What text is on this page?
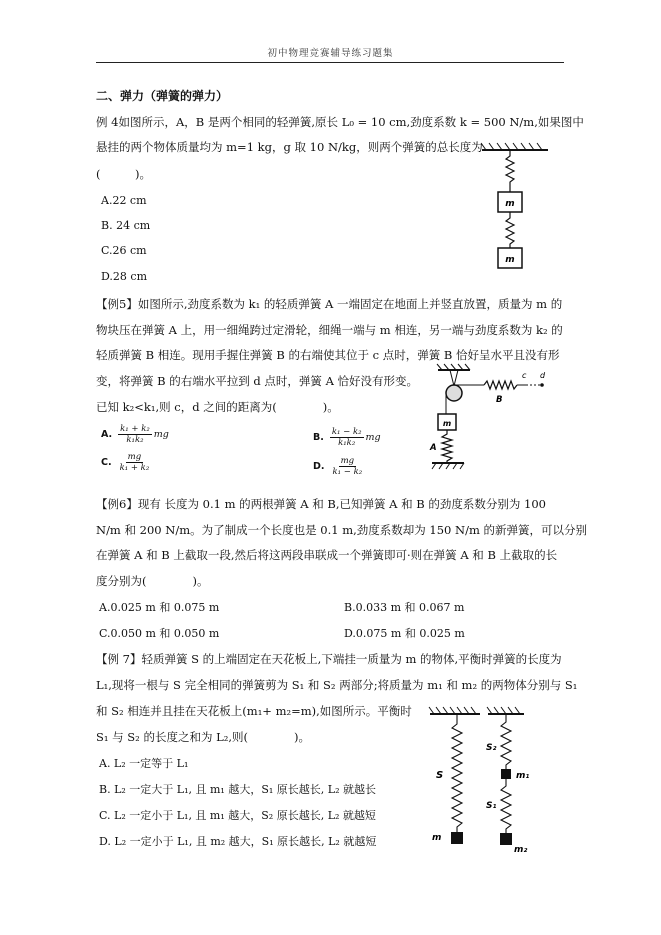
初中物理竞赛辅导练习题集
二、弹力（弹簧的弹力）
例 4如图所示，A，B 是两个相同的轻弹簧,原长 L₀ = 10 cm,劲度系数 k = 500 N/m,如果图中
悬挂的两个物体质量均为 m=1 kg，g 取 10 N/kg，则两个弹簧的总长度为
(　　　)。
A.22 cm
B. 24 cm
C.26 cm
D.28 cm
m
m
【例5】如图所示,劲度系数为 k₁ 的轻质弹簧 A 一端固定在地面上并竖直放置，质量为 m 的
物块压在弹簧 A 上，用一细绳跨过定滑轮，细绳一端与 m 相连，另一端与劲度系数为 k₂ 的
轻质弹簧 B 相连。现用手握住弹簧 B 的右端使其位于 c 点时，弹簧 B 恰好呈水平且没有形
变，将弹簧 B 的右端水平拉到 d 点时，弹簧 A 恰好没有形变。
已知 k₂<k₁,则 c，d 之间的距离为(　　　　)。
A. $\frac{\text{k₁ + k₂}}{\text{k₁k₂}}$ mg	B. $\frac{\text{k₁ − k₂}}{\text{k₁k₂}}$ mg
C. $\frac{mg}{\text{k₁ + k₂}}$	D. $\frac{mg}{\text{k₁ − k₂}}$
c d
B
m
A
【例6】现有 长度为 0.1 m 的两根弹簧 A 和 B,已知弹簧 A 和 B 的劲度系数分别为 100
N/m 和 200 N/m。为了制成一个长度也是 0.1 m,劲度系数却为 150 N/m 的新弹簧，可以分别
在弹簧 A 和 B 上截取一段,然后将这两段串联成一个弹簧即可·则在弹簧 A 和 B 上截取的长
度分别为(　　　　)。
A.0.025 m 和 0.075 m	B.0.033 m 和 0.067 m
C.0.050 m 和 0.050 m	D.0.075 m 和 0.025 m
【例 7】轻质弹簧 S 的上端固定在天花板上,下端挂一质量为 m 的物体,平衡时弹簧的长度为
L₁,现将一根与 S 完全相同的弹簧剪为 S₁ 和 S₂ 两部分;将质量为 m₁ 和 m₂ 的两物体分别与 S₁
和 S₂ 相连并且挂在天花板上(m₁+ m₂=m),如图所示。平衡时
S₁ 与 S₂ 的长度之和为 L₂,则(　　　　)。
A. L₂ 一定等于 L₁
B. L₂ 一定大于 L₁, 且 m₁ 越大，S₁ 原长越长, L₂ 就越长
C. L₂ 一定小于 L₁, 且 m₁ 越大，S₂ 原长越长, L₂ 就越短
D. L₂ 一定小于 L₁, 且 m₂ 越大，S₁ 原长越长, L₂ 就越短
S
m
S₂
m₁
S₁
m₂
